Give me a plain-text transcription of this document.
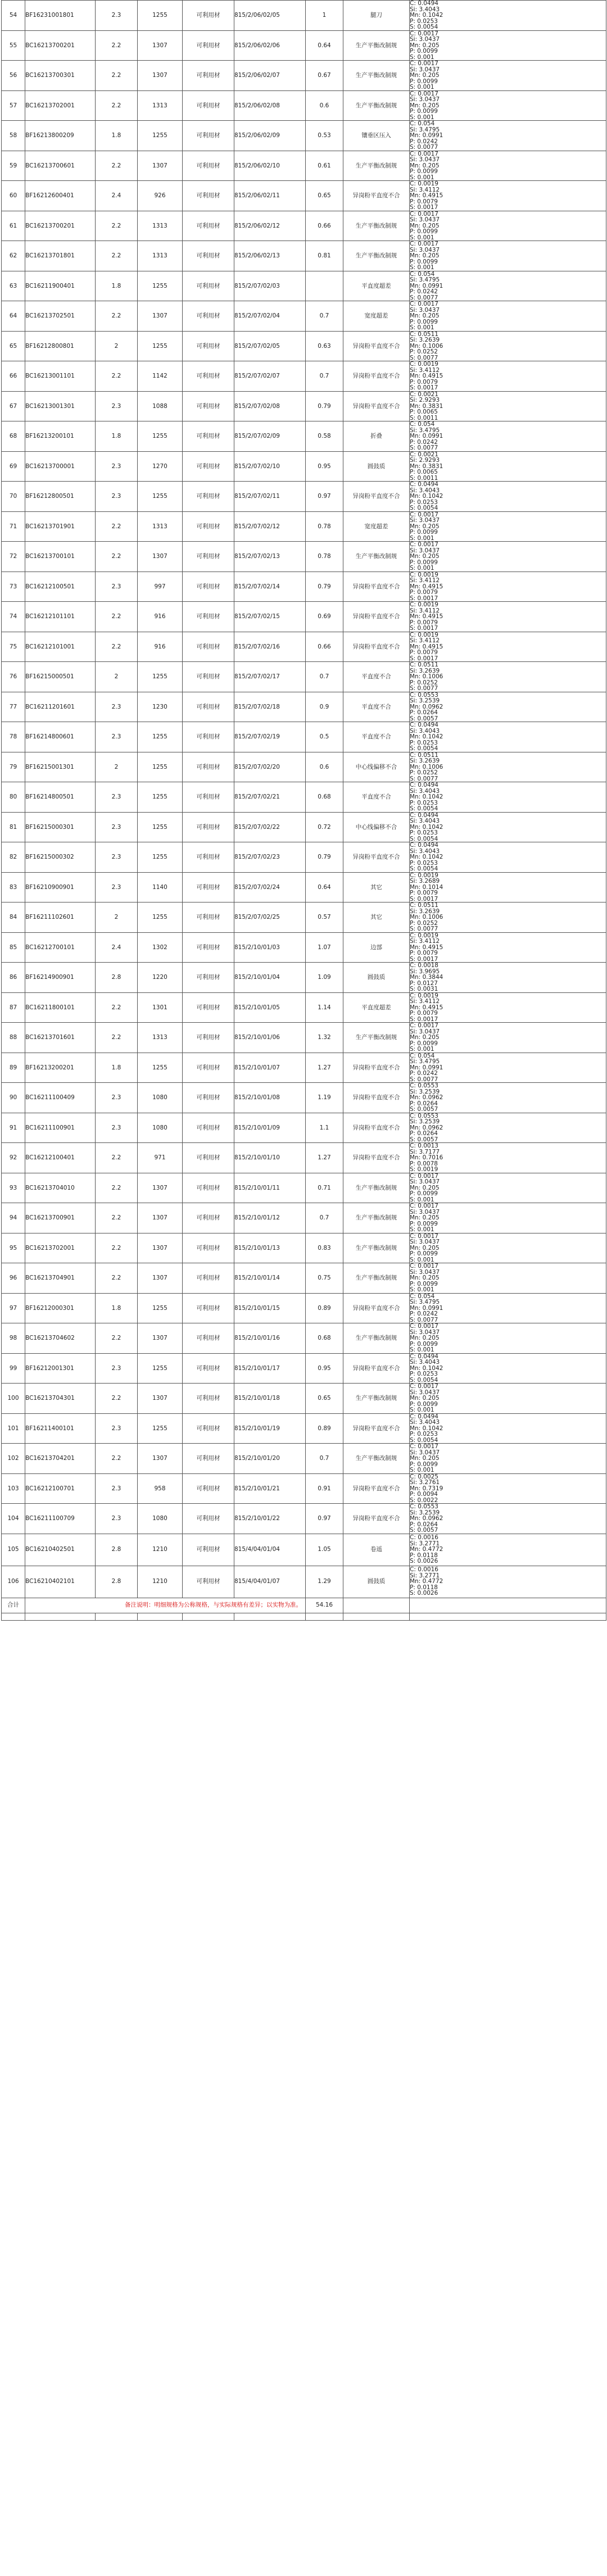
54	BF16231001801	2.3	1255	可利用材	815/2/06/02/05	1	腿刀	C: 0.0494
Si: 3.4043
Mn: 0.1042
P: 0.0253
S: 0.0054

55	BC16213700201	2.2	1307	可利用材	815/2/06/02/06	0.64	生产平衡改制规	C: 0.0017
Si: 3.0437
Mn: 0.205
P: 0.0099
S: 0.001

56	BC16213700301	2.2	1307	可利用材	815/2/06/02/07	0.67	生产平衡改制规	C: 0.0017
Si: 3.0437
Mn: 0.205
P: 0.0099
S: 0.001

57	BC16213702001	2.2	1313	可利用材	815/2/06/02/08	0.6	生产平衡改制规	C: 0.0017
Si: 3.0437
Mn: 0.205
P: 0.0099
S: 0.001

58	BF16213800209	1.8	1255	可利用材	815/2/06/02/09	0.53	镶垂区压入	C: 0.054
Si: 3.4795
Mn: 0.0991
P: 0.0242
S: 0.0077

59	BC16213700601	2.2	1307	可利用材	815/2/06/02/10	0.61	生产平衡改制规	C: 0.0017
Si: 3.0437
Mn: 0.205
P: 0.0099
S: 0.001

60	BF16212600401	2.4	926	可利用材	815/2/06/02/11	0.65	异岗粉平直度不合	C: 0.0019
Si: 3.4112
Mn: 0.4915
P: 0.0079
S: 0.0017

61	BC16213700201	2.2	1313	可利用材	815/2/06/02/12	0.66	生产平衡改制规	C: 0.0017
Si: 3.0437
Mn: 0.205
P: 0.0099
S: 0.001

62	BC16213701801	2.2	1313	可利用材	815/2/06/02/13	0.81	生产平衡改制规	C: 0.0017
Si: 3.0437
Mn: 0.205
P: 0.0099
S: 0.001

63	BC16211900401	1.8	1255	可利用材	815/2/07/02/03		平直度超差	C: 0.054
Si: 3.4795
Mn: 0.0991
P: 0.0242
S: 0.0077

64	BC16213702501	2.2	1307	可利用材	815/2/07/02/04	0.7	宽度超差	C: 0.0017
Si: 3.0437
Mn: 0.205
P: 0.0099
S: 0.001

65	BF16212800801	2	1255	可利用材	815/2/07/02/05	0.63	异岗粉平直度不合	C: 0.0511
Si: 3.2639
Mn: 0.1006
P: 0.0252
S: 0.0077

66	BC16213001101	2.2	1142	可利用材	815/2/07/02/07	0.7	异岗粉平直度不合	C: 0.0019
Si: 3.4112
Mn: 0.4915
P: 0.0079
S: 0.0017

67	BC16213001301	2.3	1088	可利用材	815/2/07/02/08	0.79	异岗粉平直度不合	C: 0.0021
Si: 2.9293
Mn: 0.3831
P: 0.0065
S: 0.0011

68	BF16213200101	1.8	1255	可利用材	815/2/07/02/09	0.58	折叠	C: 0.054
Si: 3.4795
Mn: 0.0991
P: 0.0242
S: 0.0077

69	BC16213700001	2.3	1270	可利用材	815/2/07/02/10	0.95	圆鼓质	C: 0.0021
Si: 2.9293
Mn: 0.3831
P: 0.0065
S: 0.0011

70	BF16212800501	2.3	1255	可利用材	815/2/07/02/11	0.97	异岗粉平直度不合	C: 0.0494
Si: 3.4043
Mn: 0.1042
P: 0.0253
S: 0.0054

71	BC16213701901	2.2	1313	可利用材	815/2/07/02/12	0.78	宽度超差	C: 0.0017
Si: 3.0437
Mn: 0.205
P: 0.0099
S: 0.001

72	BC16213700101	2.2	1307	可利用材	815/2/07/02/13	0.78	生产平衡改制规	C: 0.0017
Si: 3.0437
Mn: 0.205
P: 0.0099
S: 0.001

73	BC16212100501	2.3	997	可利用材	815/2/07/02/14	0.79	异岗粉平直度不合	C: 0.0019
Si: 3.4112
Mn: 0.4915
P: 0.0079
S: 0.0017

74	BC16212101101	2.2	916	可利用材	815/2/07/02/15	0.69	异岗粉平直度不合	C: 0.0019
Si: 3.4112
Mn: 0.4915
P: 0.0079
S: 0.0017

75	BC16212101001	2.2	916	可利用材	815/2/07/02/16	0.66	异岗粉平直度不合	C: 0.0019
Si: 3.4112
Mn: 0.4915
P: 0.0079
S: 0.0017

76	BF16215000501	2	1255	可利用材	815/2/07/02/17	0.7	平直度不合	C: 0.0511
Si: 3.2639
Mn: 0.1006
P: 0.0252
S: 0.0077

77	BC16211201601	2.3	1230	可利用材	815/2/07/02/18	0.9	平直度不合	C: 0.0553
Si: 3.2539
Mn: 0.0962
P: 0.0264
S: 0.0057

78	BF16214800601	2.3	1255	可利用材	815/2/07/02/19	0.5	平直度不合	C: 0.0494
Si: 3.4043
Mn: 0.1042
P: 0.0253
S: 0.0054

79	BF16215001301	2	1255	可利用材	815/2/07/02/20	0.6	中心线偏移不合	C: 0.0511
Si: 3.2639
Mn: 0.1006
P: 0.0252
S: 0.0077

80	BF16214800501	2.3	1255	可利用材	815/2/07/02/21	0.68	平直度不合	C: 0.0494
Si: 3.4043
Mn: 0.1042
P: 0.0253
S: 0.0054

81	BF16215000301	2.3	1255	可利用材	815/2/07/02/22	0.72	中心线偏移不合	C: 0.0494
Si: 3.4043
Mn: 0.1042
P: 0.0253
S: 0.0054

82	BF16215000302	2.3	1255	可利用材	815/2/07/02/23	0.79	异岗粉平直度不合	C: 0.0494
Si: 3.4043
Mn: 0.1042
P: 0.0253
S: 0.0054

83	BF16210900901	2.3	1140	可利用材	815/2/07/02/24	0.64	其它	C: 0.0019
Si: 3.2689
Mn: 0.1014
P: 0.0079
S: 0.0017

84	BF16211102601	2	1255	可利用材	815/2/07/02/25	0.57	其它	C: 0.0511
Si: 3.2639
Mn: 0.1006
P: 0.0252
S: 0.0077

85	BC16212700101	2.4	1302	可利用材	815/2/10/01/03	1.07	边部	C: 0.0019
Si: 3.4112
Mn: 0.4915
P: 0.0079
S: 0.0017

86	BF16214900901	2.8	1220	可利用材	815/2/10/01/04	1.09	圆鼓质	C: 0.0018
Si: 3.9695
Mn: 0.3844
P: 0.0127
S: 0.0031

87	BC16211800101	2.2	1301	可利用材	815/2/10/01/05	1.14	平直度超差	C: 0.0019
Si: 3.4112
Mn: 0.4915
P: 0.0079
S: 0.0017

88	BC16213701601	2.2	1313	可利用材	815/2/10/01/06	1.32	生产平衡改制规	C: 0.0017
Si: 3.0437
Mn: 0.205
P: 0.0099
S: 0.001

89	BF16213200201	1.8	1255	可利用材	815/2/10/01/07	1.27	异岗粉平直度不合	C: 0.054
Si: 3.4795
Mn: 0.0991
P: 0.0242
S: 0.0077

90	BC16211100409	2.3	1080	可利用材	815/2/10/01/08	1.19	异岗粉平直度不合	C: 0.0553
Si: 3.2539
Mn: 0.0962
P: 0.0264
S: 0.0057

91	BC16211100901	2.3	1080	可利用材	815/2/10/01/09	1.1	异岗粉平直度不合	C: 0.0553
Si: 3.2539
Mn: 0.0962
P: 0.0264
S: 0.0057

92	BC16212100401	2.2	971	可利用材	815/2/10/01/10	1.27	异岗粉平直度不合	C: 0.0013
Si: 3.7177
Mn: 0.7016
P: 0.0078
S: 0.0019

93	BC16213704010	2.2	1307	可利用材	815/2/10/01/11	0.71	生产平衡改制规	C: 0.0017
Si: 3.0437
Mn: 0.205
P: 0.0099
S: 0.001

94	BC16213700901	2.2	1307	可利用材	815/2/10/01/12	0.7	生产平衡改制规	C: 0.0017
Si: 3.0437
Mn: 0.205
P: 0.0099
S: 0.001

95	BC16213702001	2.2	1307	可利用材	815/2/10/01/13	0.83	生产平衡改制规	C: 0.0017
Si: 3.0437
Mn: 0.205
P: 0.0099
S: 0.001

96	BC16213704901	2.2	1307	可利用材	815/2/10/01/14	0.75	生产平衡改制规	C: 0.0017
Si: 3.0437
Mn: 0.205
P: 0.0099
S: 0.001

97	BF16212000301	1.8	1255	可利用材	815/2/10/01/15	0.89	异岗粉平直度不合	C: 0.054
Si: 3.4795
Mn: 0.0991
P: 0.0242
S: 0.0077

98	BC16213704602	2.2	1307	可利用材	815/2/10/01/16	0.68	生产平衡改制规	C: 0.0017
Si: 3.0437
Mn: 0.205
P: 0.0099
S: 0.001

99	BF16212001301	2.3	1255	可利用材	815/2/10/01/17	0.95	异岗粉平直度不合	C: 0.0494
Si: 3.4043
Mn: 0.1042
P: 0.0253
S: 0.0054

100	BC16213704301	2.2	1307	可利用材	815/2/10/01/18	0.65	生产平衡改制规	C: 0.0017
Si: 3.0437
Mn: 0.205
P: 0.0099
S: 0.001

101	BF16211400101	2.3	1255	可利用材	815/2/10/01/19	0.89	异岗粉平直度不合	C: 0.0494
Si: 3.4043
Mn: 0.1042
P: 0.0253
S: 0.0054

102	BC16213704201	2.2	1307	可利用材	815/2/10/01/20	0.7	生产平衡改制规	C: 0.0017
Si: 3.0437
Mn: 0.205
P: 0.0099
S: 0.001

103	BC16212100701	2.3	958	可利用材	815/2/10/01/21	0.91	异岗粉平直度不合	C: 0.0025
Si: 3.2761
Mn: 0.7319
P: 0.0094
S: 0.0022

104	BC16211100709	2.3	1080	可利用材	815/2/10/01/22	0.97	异岗粉平直度不合	C: 0.0553
Si: 3.2539
Mn: 0.0962
P: 0.0264
S: 0.0057

105	BC16210402501	2.8	1210	可利用材	815/4/04/01/04	1.05	卷遥	C: 0.0016
Si: 3.2771
Mn: 0.4772
P: 0.0118
S: 0.0026

106	BC16210402101	2.8	1210	可利用材	815/4/04/01/07	1.29	圆鼓质	C: 0.0016
Si: 3.2771
Mn: 0.4772
P: 0.0118
S: 0.0026

合计	备注说明：明细规格为公称规格，与实际规格有差异；以实物为准。					54.16		
